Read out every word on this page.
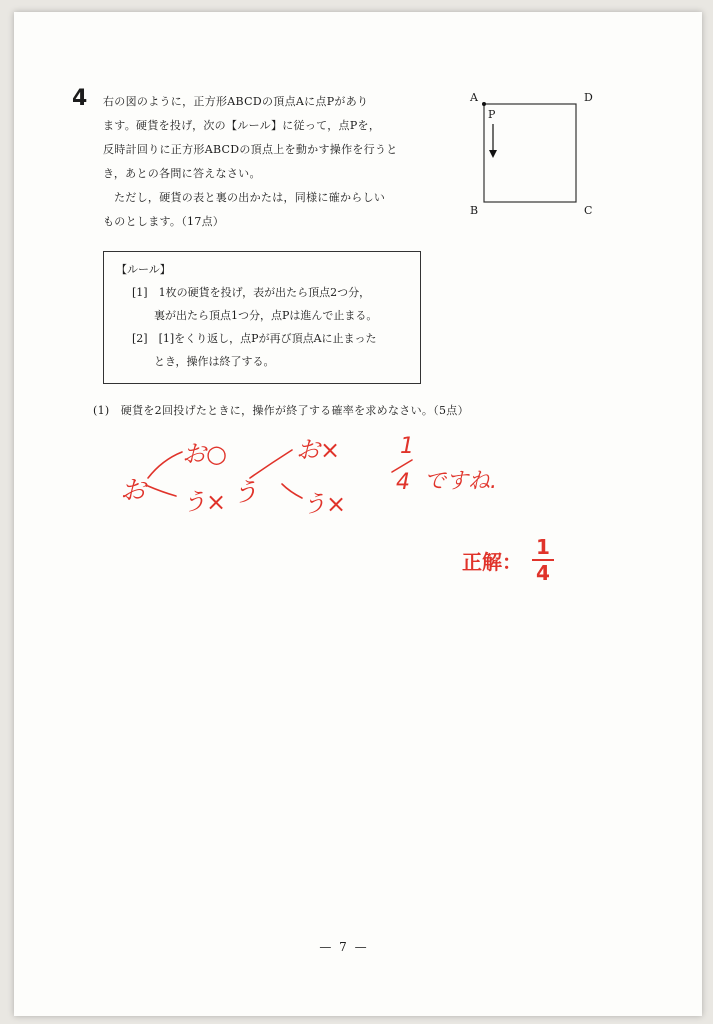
4 右の図のように，正方形ABCDの頂点Aに点Pがあり

ます。硬貨を投げ，次の【ルール】に従って，点Pを，

反時計回りに正方形ABCDの頂点上を動かす操作を行うと

き，あとの各問に答えなさい。

ただし，硬貨の表と裏の出かたは，同様に確からしい

ものとします。（17点）

A	D
B	C
P
【ルール】
[1]　1枚の硬貨を投げ，表が出たら頂点2つ分，
裏が出たら頂点1つ分，点Pは進んで止まる。
[2]　[1]をくり返し，点Pが再び頂点Aに止まった
とき，操作は終了する。
(1)　硬貨を2回投げたときに，操作が終了する確率を求めなさい。（5点）
お
お○
う× う
お×
う×
1
4 ですね.
正解： $\frac{1}{4}$
— 7 —
